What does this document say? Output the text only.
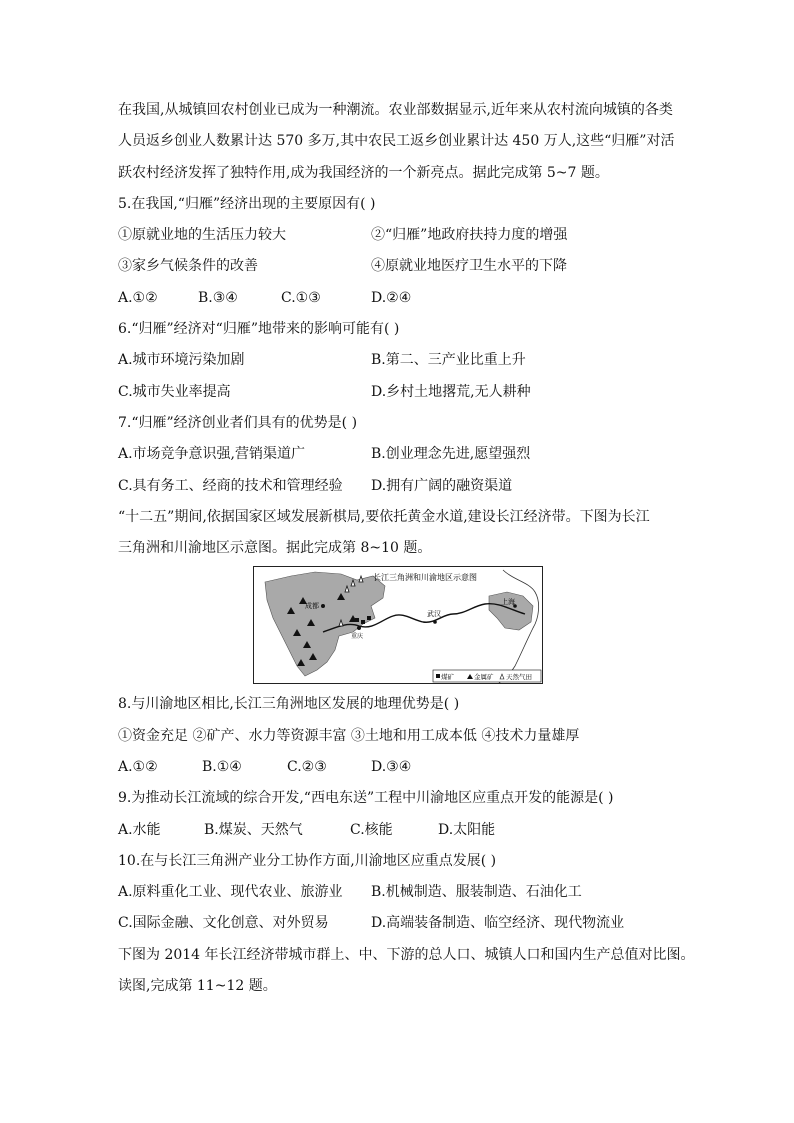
在我国,从城镇回农村创业已成为一种潮流。农业部数据显示,近年来从农村流向城镇的各类
人员返乡创业人数累计达 570 多万,其中农民工返乡创业累计达 450 万人,这些“归雁”对活
跃农村经济发挥了独特作用,成为我国经济的一个新亮点。据此完成第 5~7 题。
5.在我国,“归雁”经济出现的主要原因有( )
①原就业地的生活压力较大	②“归雁”地政府扶持力度的增强
③家乡气候条件的改善	④原就业地医疗卫生水平的下降
A.①②	B.③④	C.①③	D.②④
6.“归雁”经济对“归雁”地带来的影响可能有( )
A.城市环境污染加剧	B.第二、三产业比重上升
C.城市失业率提高	D.乡村土地撂荒,无人耕种
7.“归雁”经济创业者们具有的优势是( )
A.市场竞争意识强,营销渠道广	B.创业理念先进,愿望强烈
C.具有务工、经商的技术和管理经验 D.拥有广阔的融资渠道
“十二五”期间,依据国家区域发展新棋局,要依托黄金水道,建设长江经济带。下图为长江
三角洲和川渝地区示意图。据此完成第 8~10 题。
长江三角洲和川渝地区示意图
成都
重庆
武汉
上海
煤矿	金属矿 天然气田
8.与川渝地区相比,长江三角洲地区发展的地理优势是( )
①资金充足 ②矿产、水力等资源丰富 ③土地和用工成本低 ④技术力量雄厚
A.①②	B.①④	C.②③	D.③④
9.为推动长江流域的综合开发,“西电东送”工程中川渝地区应重点开发的能源是( )
A.水能	B.煤炭、天然气	C.核能	D.太阳能
10.在与长江三角洲产业分工协作方面,川渝地区应重点发展( )
A.原料重化工业、现代农业、旅游业 B.机械制造、服装制造、石油化工
C.国际金融、文化创意、对外贸易	D.高端装备制造、临空经济、现代物流业
下图为 2014 年长江经济带城市群上、中、下游的总人口、城镇人口和国内生产总值对比图。
读图,完成第 11~12 题。
